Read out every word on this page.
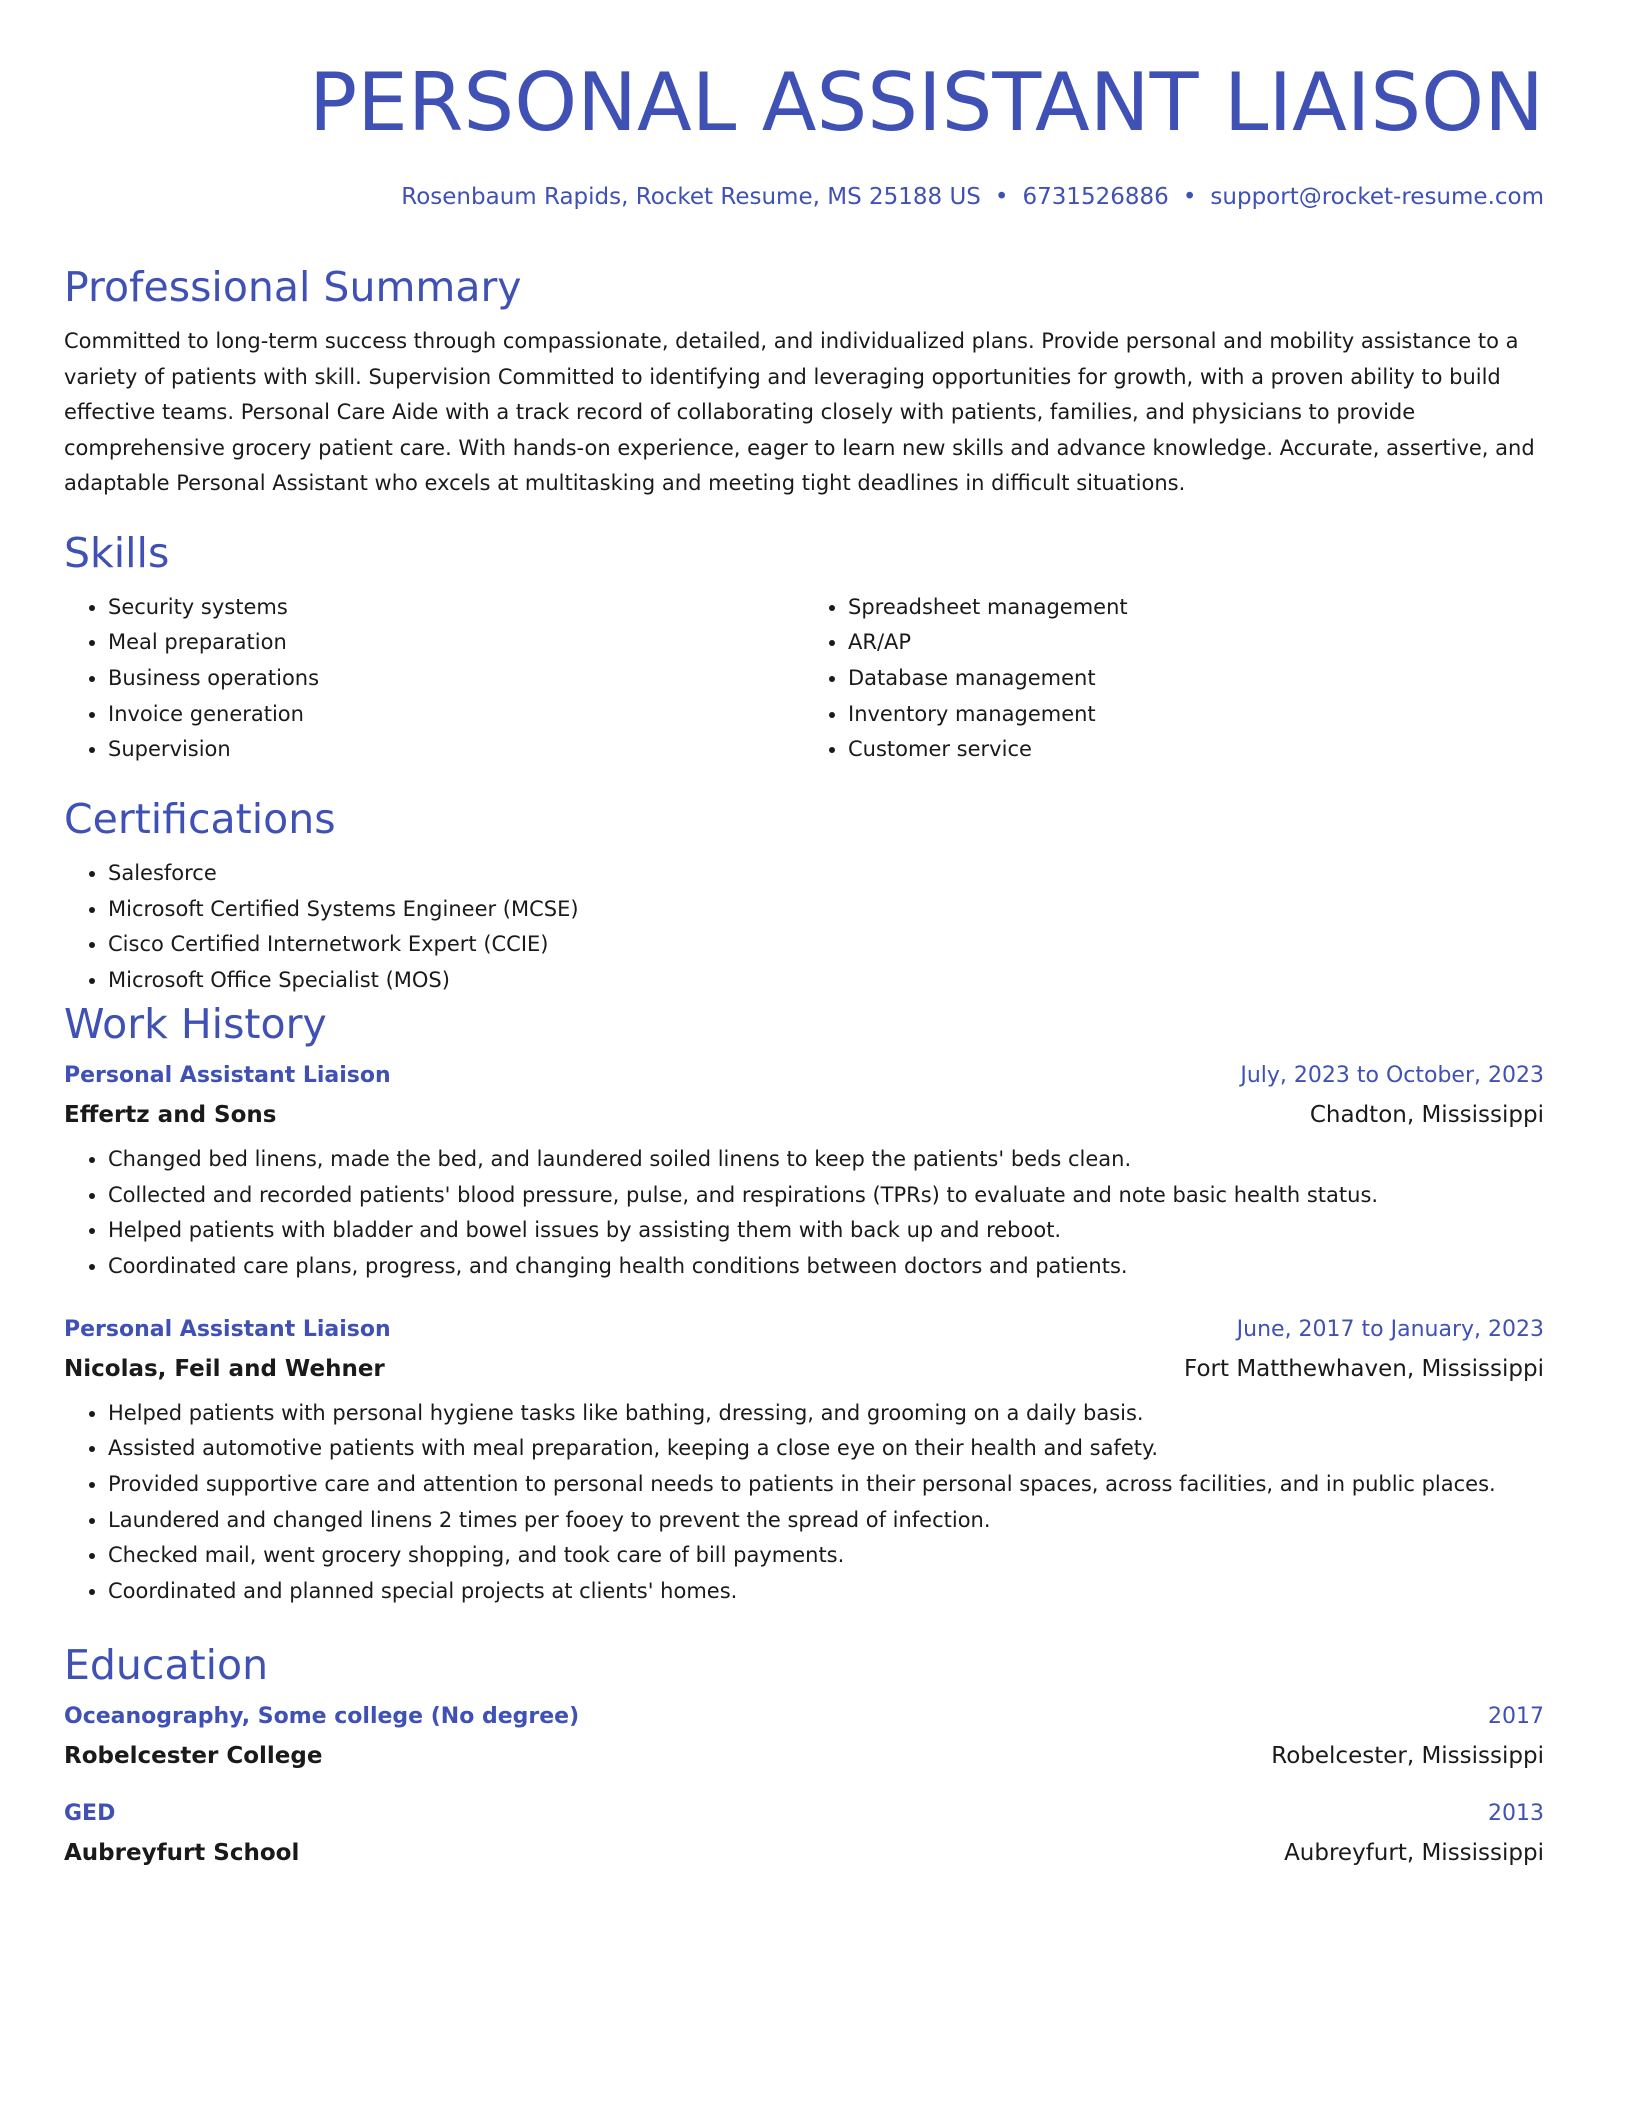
PERSONAL ASSISTANT LIAISON
Rosenbaum Rapids, Rocket Resume, MS 25188 US • 6731526886 • support@rocket-resume.com
Professional Summary

Committed to long-term success through compassionate, detailed, and individualized plans. Provide personal and mobility assistance to a variety of patients with skill. Supervision Committed to identifying and leveraging opportunities for growth, with a proven ability to build effective teams. Personal Care Aide with a track record of collaborating closely with patients, families, and physicians to provide comprehensive grocery patient care. With hands-on experience, eager to learn new skills and advance knowledge. Accurate, assertive, and adaptable Personal Assistant who excels at multitasking and meeting tight deadlines in difficult situations.

Skills
• Security systems
• Meal preparation
• Business operations
• Invoice generation
• Supervision
• Spreadsheet management
• AR/AP
• Database management
• Inventory management
• Customer service
Certifications
• Salesforce
• Microsoft Certified Systems Engineer (MCSE)
• Cisco Certified Internetwork Expert (CCIE)
• Microsoft Office Specialist (MOS)
Work History
Personal Assistant Liaison	July, 2023 to October, 2023
Effertz and Sons	Chadton, Mississippi
• Changed bed linens, made the bed, and laundered soiled linens to keep the patients' beds clean.
• Collected and recorded patients' blood pressure, pulse, and respirations (TPRs) to evaluate and note basic health status.
• Helped patients with bladder and bowel issues by assisting them with back up and reboot.
• Coordinated care plans, progress, and changing health conditions between doctors and patients.
Personal Assistant Liaison	June, 2017 to January, 2023
Nicolas, Feil and Wehner	Fort Matthewhaven, Mississippi
• Helped patients with personal hygiene tasks like bathing, dressing, and grooming on a daily basis.
• Assisted automotive patients with meal preparation, keeping a close eye on their health and safety.
• Provided supportive care and attention to personal needs to patients in their personal spaces, across facilities, and in public places.
• Laundered and changed linens 2 times per fooey to prevent the spread of infection.
• Checked mail, went grocery shopping, and took care of bill payments.
• Coordinated and planned special projects at clients' homes.
Education
Oceanography, Some college (No degree)	2017
Robelcester College	Robelcester, Mississippi
GED	2013
Aubreyfurt School	Aubreyfurt, Mississippi
